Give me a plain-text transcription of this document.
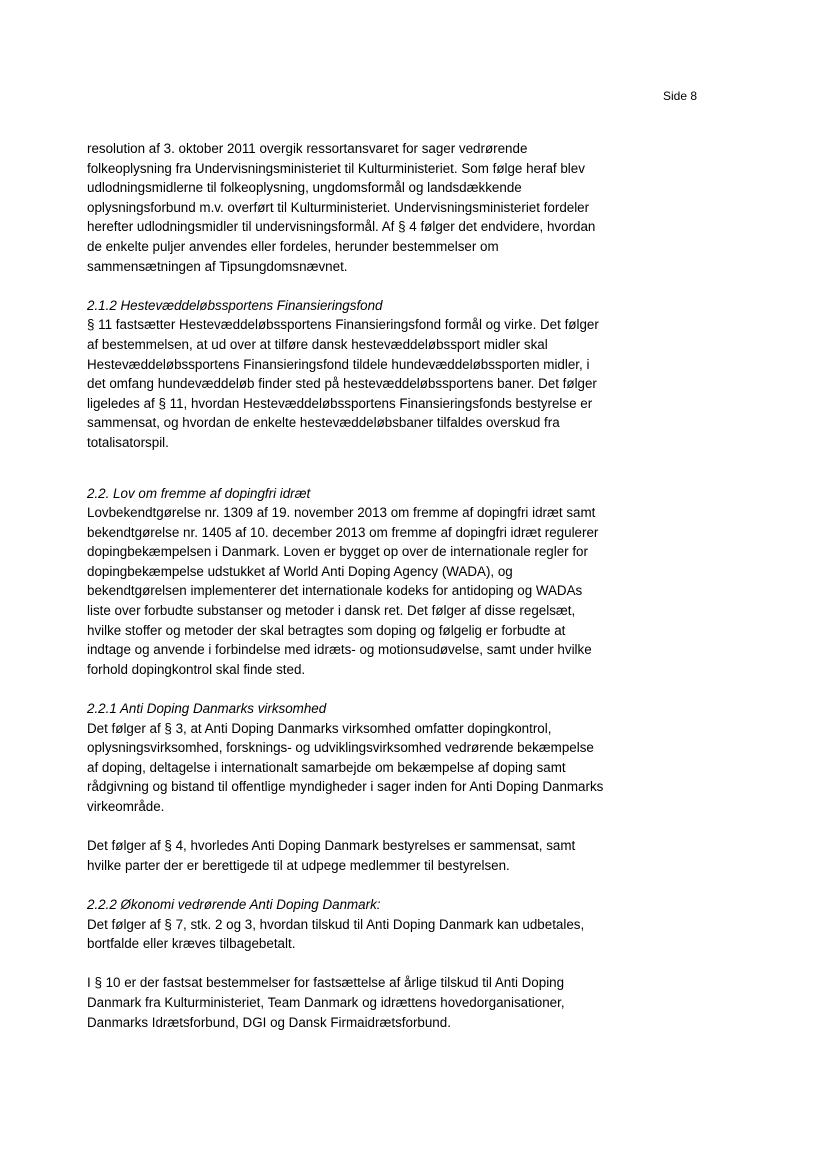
Side 8

resolution af 3. oktober 2011 overgik ressortansvaret for sager vedrørende
folkeoplysning fra Undervisningsministeriet til Kulturministeriet. Som følge heraf blev
udlodningsmidlerne til folkeoplysning, ungdomsformål og landsdækkende
oplysningsforbund m.v. overført til Kulturministeriet. Undervisningsministeriet fordeler
herefter udlodningsmidler til undervisningsformål. Af § 4 følger det endvidere, hvordan
de enkelte puljer anvendes eller fordeles, herunder bestemmelser om
sammensætningen af Tipsungdomsnævnet.

2.1.2 Hestevæddeløbssportens Finansieringsfond

§ 11 fastsætter Hestevæddeløbssportens Finansieringsfond formål og virke. Det følger
af bestemmelsen, at ud over at tilføre dansk hestevæddeløbssport midler skal
Hestevæddeløbssportens Finansieringsfond tildele hundevæddeløbssporten midler, i
det omfang hundevæddeløb finder sted på hestevæddeløbssportens baner. Det følger
ligeledes af § 11, hvordan Hestevæddeløbssportens Finansieringsfonds bestyrelse er
sammensat, og hvordan de enkelte hestevæddeløbsbaner tilfaldes overskud fra
totalisatorspil.

2.2. Lov om fremme af dopingfri idræt

Lovbekendtgørelse nr. 1309 af 19. november 2013 om fremme af dopingfri idræt samt
bekendtgørelse nr. 1405 af 10. december 2013 om fremme af dopingfri idræt regulerer
dopingbekæmpelsen i Danmark. Loven er bygget op over de internationale regler for
dopingbekæmpelse udstukket af World Anti Doping Agency (WADA), og
bekendtgørelsen implementerer det internationale kodeks for antidoping og WADAs
liste over forbudte substanser og metoder i dansk ret. Det følger af disse regelsæt,
hvilke stoffer og metoder der skal betragtes som doping og følgelig er forbudte at
indtage og anvende i forbindelse med idræts- og motionsudøvelse, samt under hvilke
forhold dopingkontrol skal finde sted.

2.2.1 Anti Doping Danmarks virksomhed

Det følger af § 3, at Anti Doping Danmarks virksomhed omfatter dopingkontrol,
oplysningsvirksomhed, forsknings- og udviklingsvirksomhed vedrørende bekæmpelse
af doping, deltagelse i internationalt samarbejde om bekæmpelse af doping samt
rådgivning og bistand til offentlige myndigheder i sager inden for Anti Doping Danmarks
virkeområde.

Det følger af § 4, hvorledes Anti Doping Danmark bestyrelses er sammensat, samt
hvilke parter der er berettigede til at udpege medlemmer til bestyrelsen.

2.2.2 Økonomi vedrørende Anti Doping Danmark:

Det følger af § 7, stk. 2 og 3, hvordan tilskud til Anti Doping Danmark kan udbetales,
bortfalde eller kræves tilbagebetalt.

I § 10 er der fastsat bestemmelser for fastsættelse af årlige tilskud til Anti Doping
Danmark fra Kulturministeriet, Team Danmark og idrættens hovedorganisationer,
Danmarks Idrætsforbund, DGI og Dansk Firmaidrætsforbund.
